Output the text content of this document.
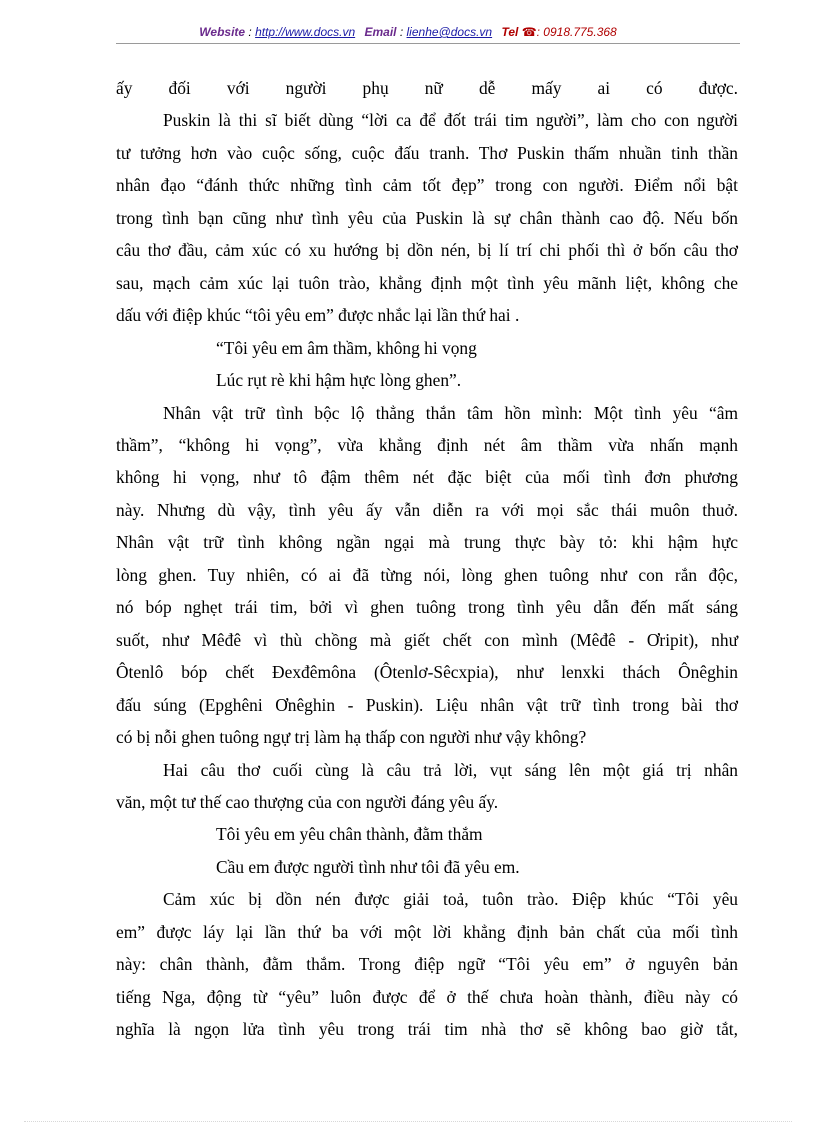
Website : http://www.docs.vn Email : lienhe@docs.vn Tel ☎: 0918.775.368

ấy đối với người phụ nữ dễ mấy ai có được.

Puskin là thi sĩ biết dùng “lời ca để đốt trái tim người”, làm cho con người

tư tưởng hơn vào cuộc sống, cuộc đấu tranh. Thơ Puskin thấm nhuần tinh thần

nhân đạo “đánh thức những tình cảm tốt đẹp” trong con người. Điểm nổi bật

trong tình bạn cũng như tình yêu của Puskin là sự chân thành cao độ. Nếu bốn

câu thơ đầu, cảm xúc có xu hướng bị dồn nén, bị lí trí chi phối thì ở bốn câu thơ

sau, mạch cảm xúc lại tuôn trào, khẳng định một tình yêu mãnh liệt, không che

dấu với điệp khúc “tôi yêu em” được nhắc lại lần thứ hai .

“Tôi yêu em âm thầm, không hi vọng

Lúc rụt rè khi hậm hực lòng ghen”.

Nhân vật trữ tình bộc lộ thẳng thắn tâm hồn mình: Một tình yêu “âm

thầm”, “không hi vọng”, vừa khẳng định nét âm thầm vừa nhấn mạnh

không hi vọng, như tô đậm thêm nét đặc biệt của mối tình đơn phương

này. Nhưng dù vậy, tình yêu ấy vẫn diễn ra với mọi sắc thái muôn thuở.

Nhân vật trữ tình không ngần ngại mà trung thực bày tỏ: khi hậm hực

lòng ghen. Tuy nhiên, có ai đã từng nói, lòng ghen tuông như con rắn độc,

nó bóp nghẹt trái tim, bởi vì ghen tuông trong tình yêu dẫn đến mất sáng

suốt, như Mêđê vì thù chồng mà giết chết con mình (Mêđê - Ơripit), như

Ôtenlô bóp chết Đexđêmôna (Ôtenlơ-Sêcxpia), như lenxki thách Ônêghin

đấu súng (Epghêni Ơnêghin - Puskin). Liệu nhân vật trữ tình trong bài thơ

có bị nỗi ghen tuông ngự trị làm hạ thấp con người như vậy không?

Hai câu thơ cuối cùng là câu trả lời, vụt sáng lên một giá trị nhân

văn, một tư thế cao thượng của con người đáng yêu ấy.

Tôi yêu em yêu chân thành, đằm thắm

Cầu em được người tình như tôi đã yêu em.

Cảm xúc bị dồn nén được giải toả, tuôn trào. Điệp khúc “Tôi yêu

em” được láy lại lần thứ ba với một lời khẳng định bản chất của mối tình

này: chân thành, đằm thắm. Trong điệp ngữ “Tôi yêu em” ở nguyên bản

tiếng Nga, động từ “yêu” luôn được để ở thế chưa hoàn thành, điều này có

nghĩa là ngọn lửa tình yêu trong trái tim nhà thơ sẽ không bao giờ tắt,
